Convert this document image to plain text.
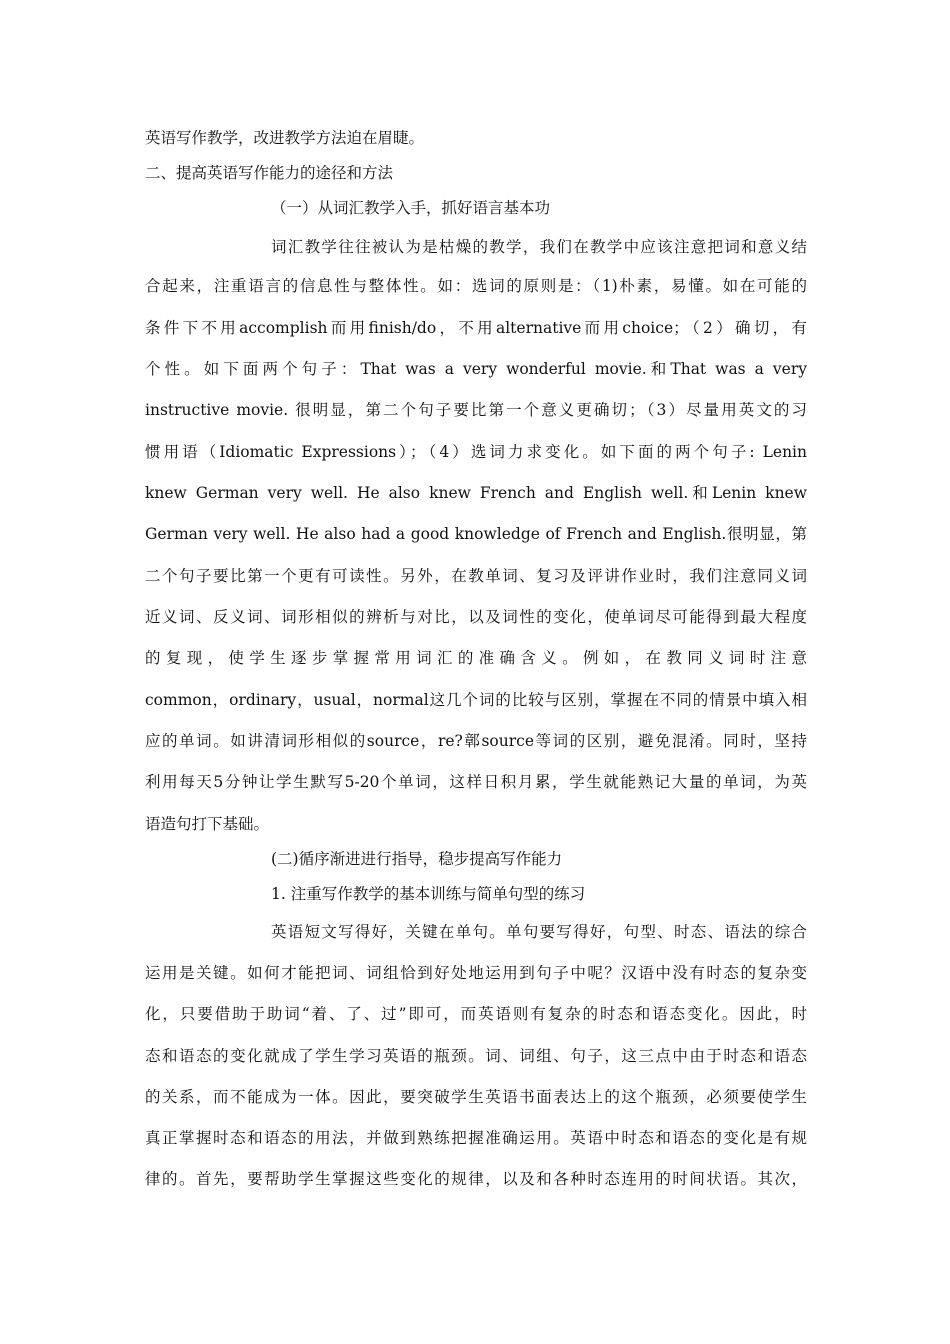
英语写作教学，改进教学方法迫在眉睫。
二、提高英语写作能力的途径和方法
（一）从词汇教学入手，抓好语言基本功
词汇教学往往被认为是枯燥的教学，我们在教学中应该注意把词和意义结
合起来，注重语言的信息性与整体性。如：选词的原则是：（1)朴素，易懂。如在可能的
条件下不用accomplish而用finish/do，不用alternative而用choice；（2）确切，有
个性。如下面两个句子：That was a very wonderful movie.和That was a very
instructive movie. 很明显，第二个句子要比第一个意义更确切；（3）尽量用英文的习
惯用语（Idiomatic Expressions）；（4）选词力求变化。如下面的两个句子: Lenin
knew German very well. He also knew French and English well.和Lenin knew
German very well. He also had a good knowledge of French and English.很明显，第
二个句子要比第一个更有可读性。另外，在教单词、复习及评讲作业时，我们注意同义词
近义词、反义词、词形相似的辨析与对比，以及词性的变化，使单词尽可能得到最大程度
的复现，使学生逐步掌握常用词汇的准确含义。例如，在教同义词时注意
common，ordinary，usual，normal这几个词的比较与区别，掌握在不同的情景中填入相
应的单词。如讲清词形相似的source，re?鄣source等词的区别，避免混淆。同时，坚持
利用每天5分钟让学生默写5-20个单词，这样日积月累，学生就能熟记大量的单词，为英
语造句打下基础。
(二)循序渐进进行指导，稳步提高写作能力
1. 注重写作教学的基本训练与简单句型的练习
英语短文写得好，关键在单句。单句要写得好，句型、时态、语法的综合
运用是关键。如何才能把词、词组恰到好处地运用到句子中呢？汉语中没有时态的复杂变
化，只要借助于助词“着、了、过”即可，而英语则有复杂的时态和语态变化。因此，时
态和语态的变化就成了学生学习英语的瓶颈。词、词组、句子，这三点中由于时态和语态
的关系，而不能成为一体。因此，要突破学生英语书面表达上的这个瓶颈，必须要使学生
真正掌握时态和语态的用法，并做到熟练把握准确运用。英语中时态和语态的变化是有规
律的。首先，要帮助学生掌握这些变化的规律，以及和各种时态连用的时间状语。其次，
